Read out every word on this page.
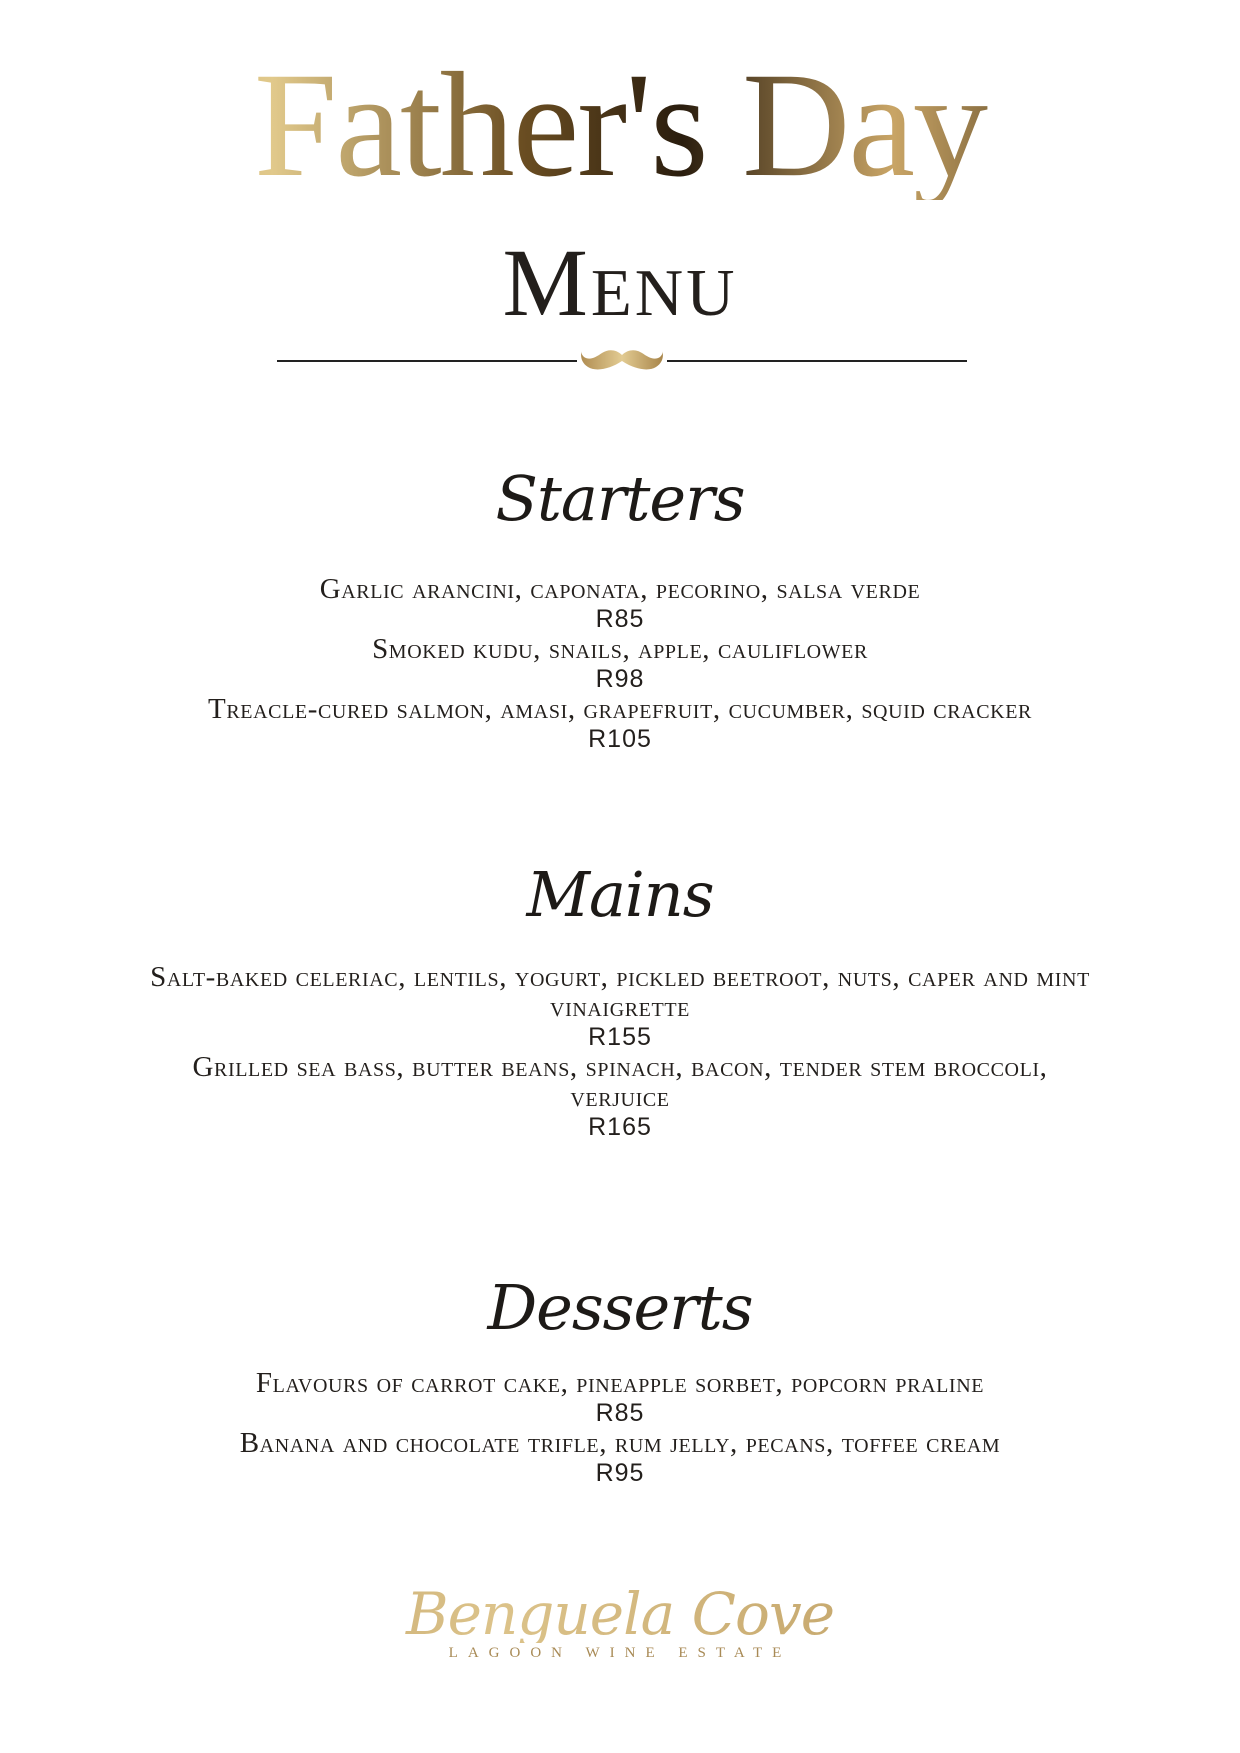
Father's Day
Menu
Starters
Garlic arancini, caponata, pecorino, salsa verde
R85
Smoked kudu, snails, apple, cauliflower
R98
Treacle-cured salmon, amasi, grapefruit, cucumber, squid cracker
R105
Mains
Salt-baked celeriac, lentils, yogurt, pickled beetroot, nuts, caper and mint vinaigrette
R155
Grilled sea bass, butter beans, spinach, bacon, tender stem broccoli, verjuice
R165
Desserts
Flavours of carrot cake, pineapple sorbet, popcorn praline
R85
Banana and chocolate trifle, rum jelly, pecans, toffee cream
R95
Benguela Cove
LAGOON WINE ESTATE
